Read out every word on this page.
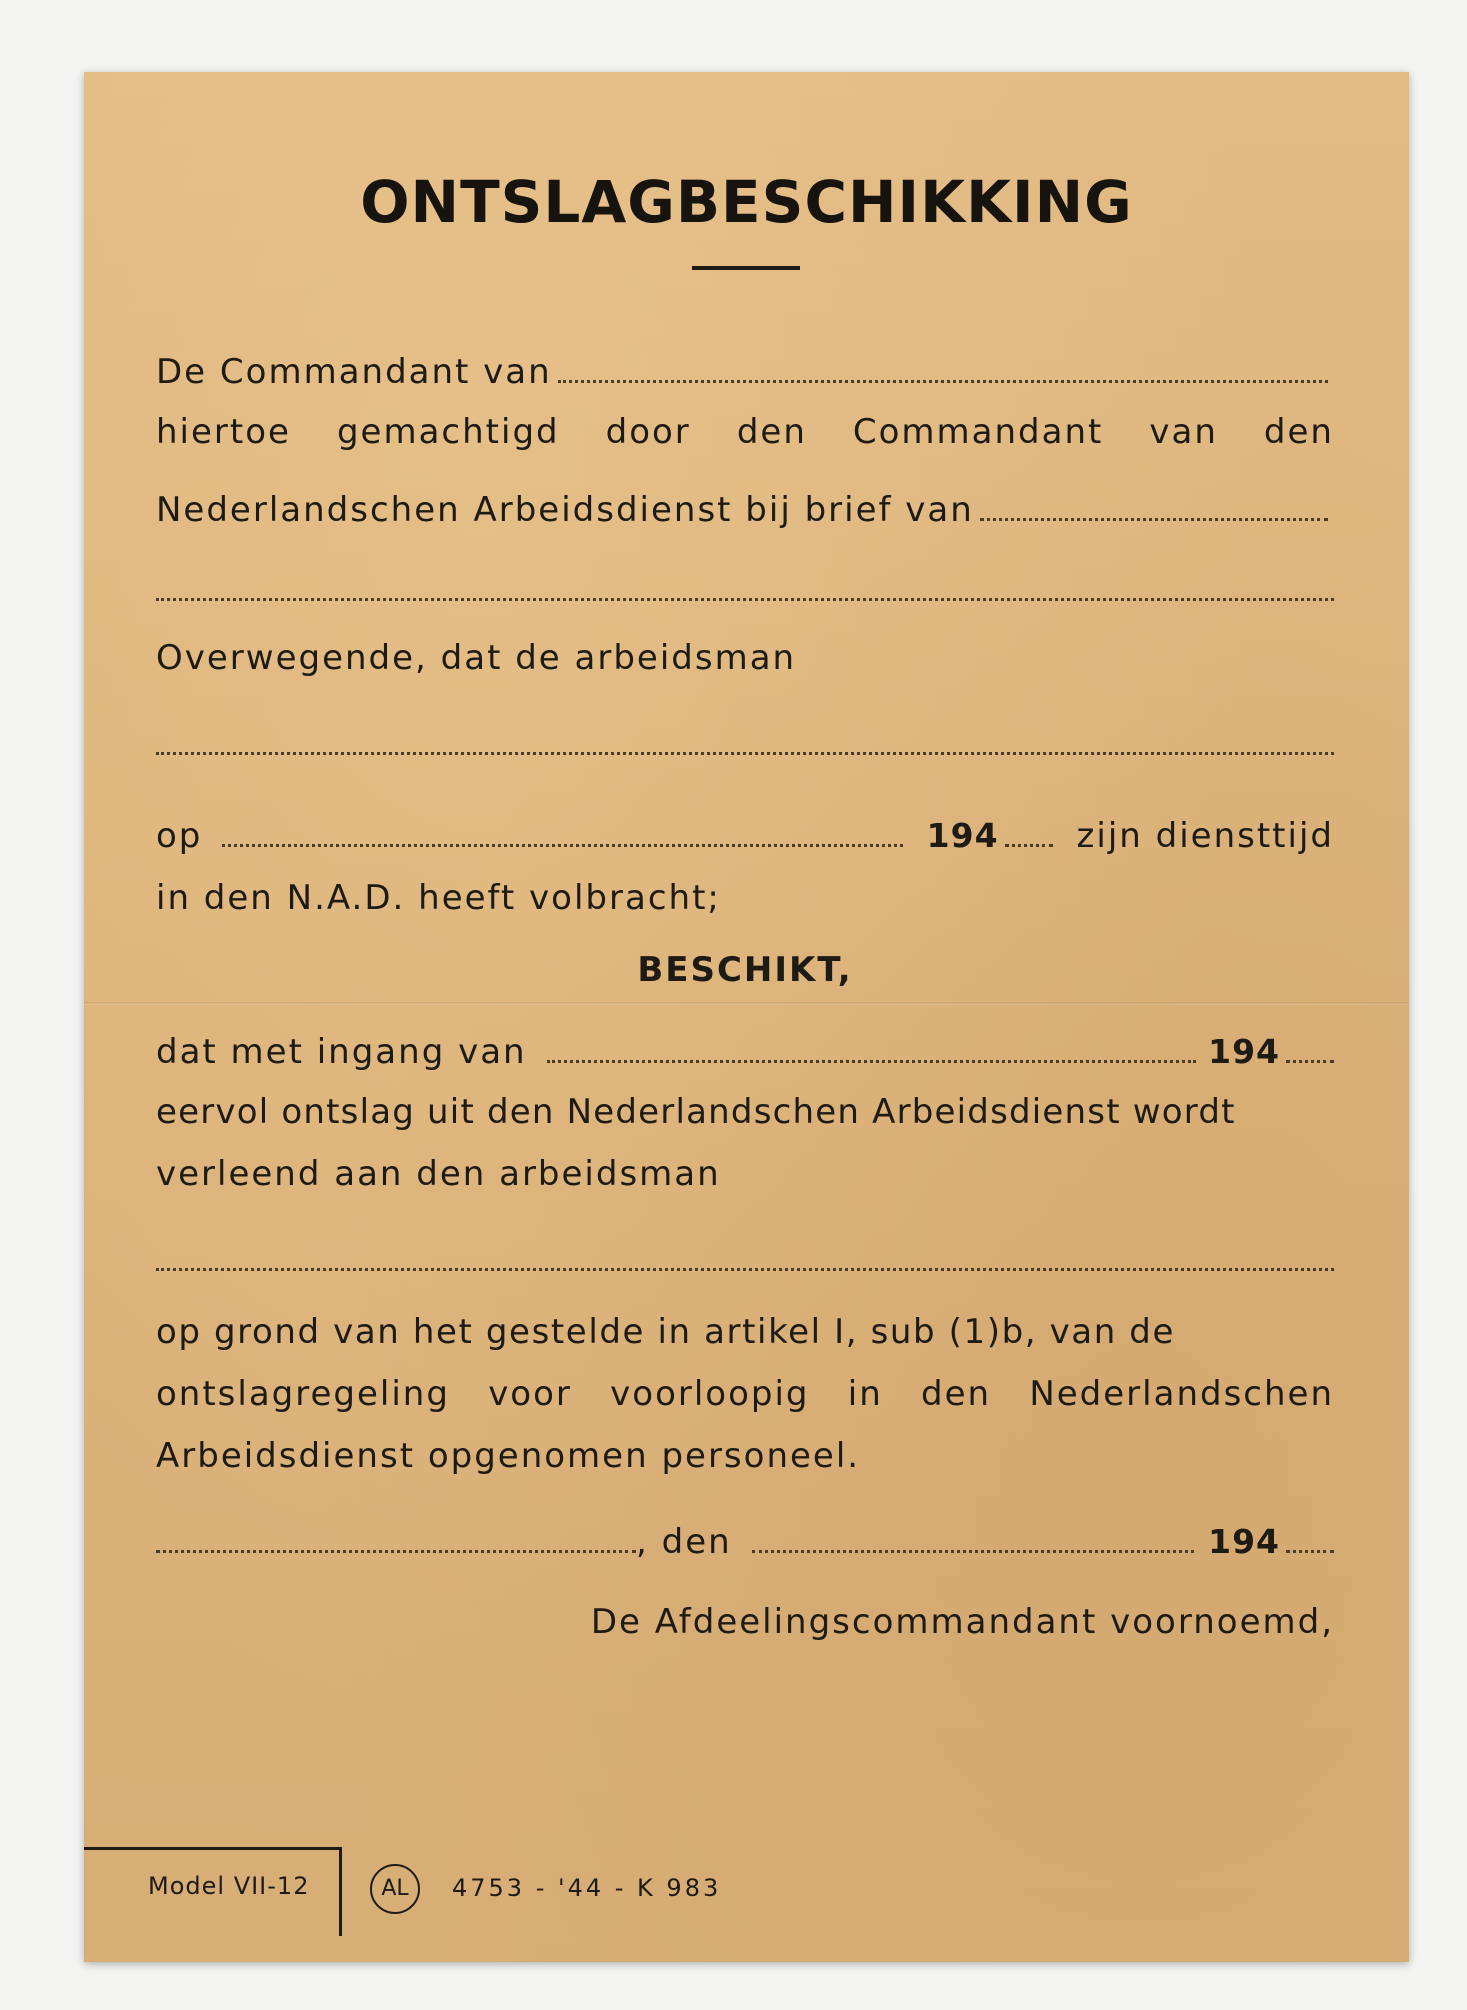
ONTSLAGBESCHIKKING
De Commandant van
hiertoe gemachtigd door den Commandant van den
Nederlandschen Arbeidsdienst bij brief van
Overwegende, dat de arbeidsman
op	194 zijn diensttijd
in den N.A.D. heeft volbracht;
BESCHIKT,
dat met ingang van	194
eervol ontslag uit den Nederlandschen Arbeidsdienst wordt
verleend aan den arbeidsman
op grond van het gestelde in artikel I, sub (1)b, van de
ontslagregeling voor voorloopig in den Nederlandschen
Arbeidsdienst opgenomen personeel.
, den	194
De Afdeelingscommandant voornoemd,
Model VII-12	AL	4753 - '44 - K 983
